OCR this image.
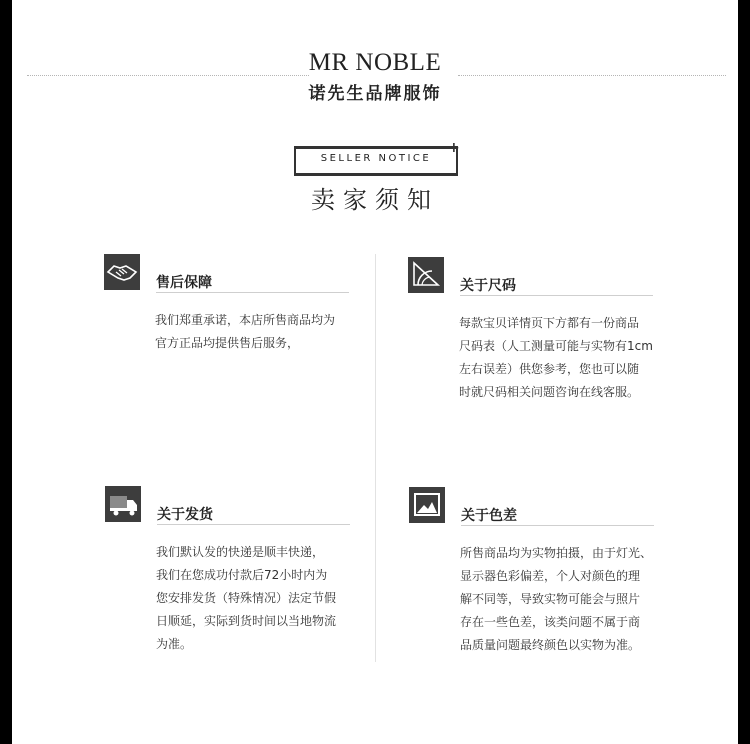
MR NOBLE
诺先生品牌服饰
SELLER NOTICE
+
卖家须知
售后保障
我们郑重承诺，本店所售商品均为
官方正品均提供售后服务，
关于尺码
每款宝贝详情页下方都有一份商品
尺码表（人工测量可能与实物有1cm
左右误差）供您参考，您也可以随
时就尺码相关问题咨询在线客服。
关于发货
我们默认发的快递是顺丰快递，
我们在您成功付款后72小时内为
您安排发货（特殊情况）法定节假
日顺延，实际到货时间以当地物流
为准。
关于色差
所售商品均为实物拍摄，由于灯光、
显示器色彩偏差，个人对颜色的理
解不同等，导致实物可能会与照片
存在一些色差，该类问题不属于商
品质量问题最终颜色以实物为准。
